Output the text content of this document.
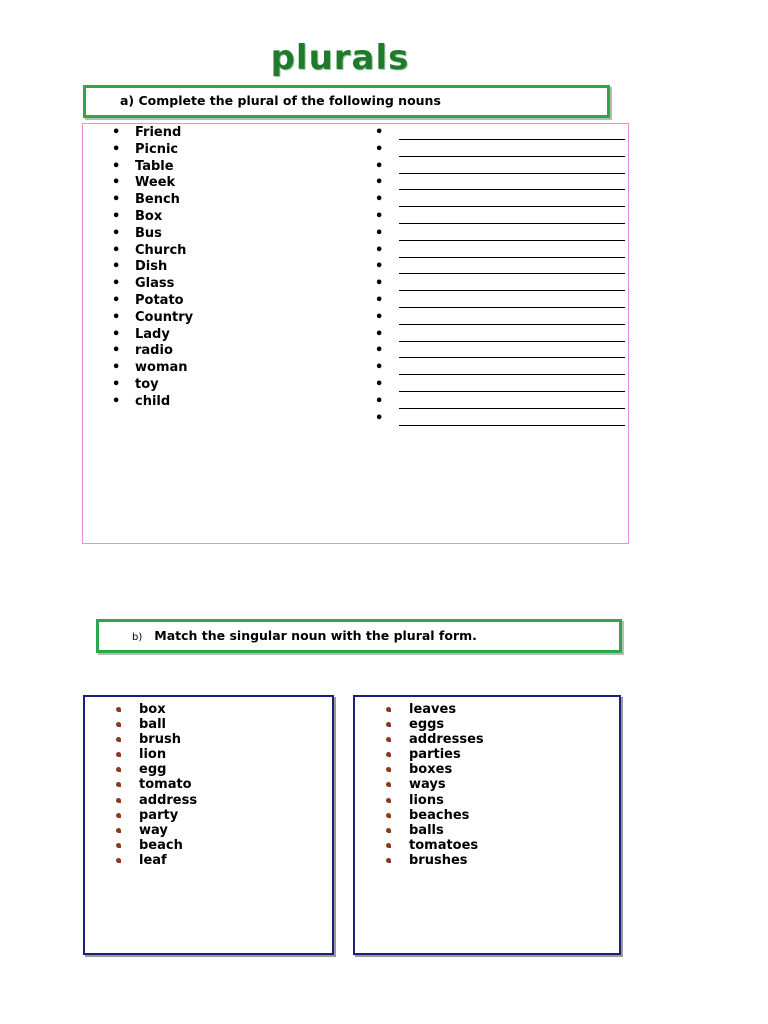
plurals
a) Complete the plural of the following nouns
• Friend
• Picnic
• Table
• Week
• Bench
• Box
• Bus
• Church
• Dish
• Glass
• Potato
• Country
• Lady
• radio
• woman
• toy
• child
•
•
•
•
•
•
•
•
•
•
•
•
•
•
•
•
•
•
b) Match the singular noun with the plural form.
box
ball
brush
lion
egg
tomato
address
party
way
beach
leaf
leaves
eggs
addresses
parties
boxes
ways
lions
beaches
balls
tomatoes
brushes
